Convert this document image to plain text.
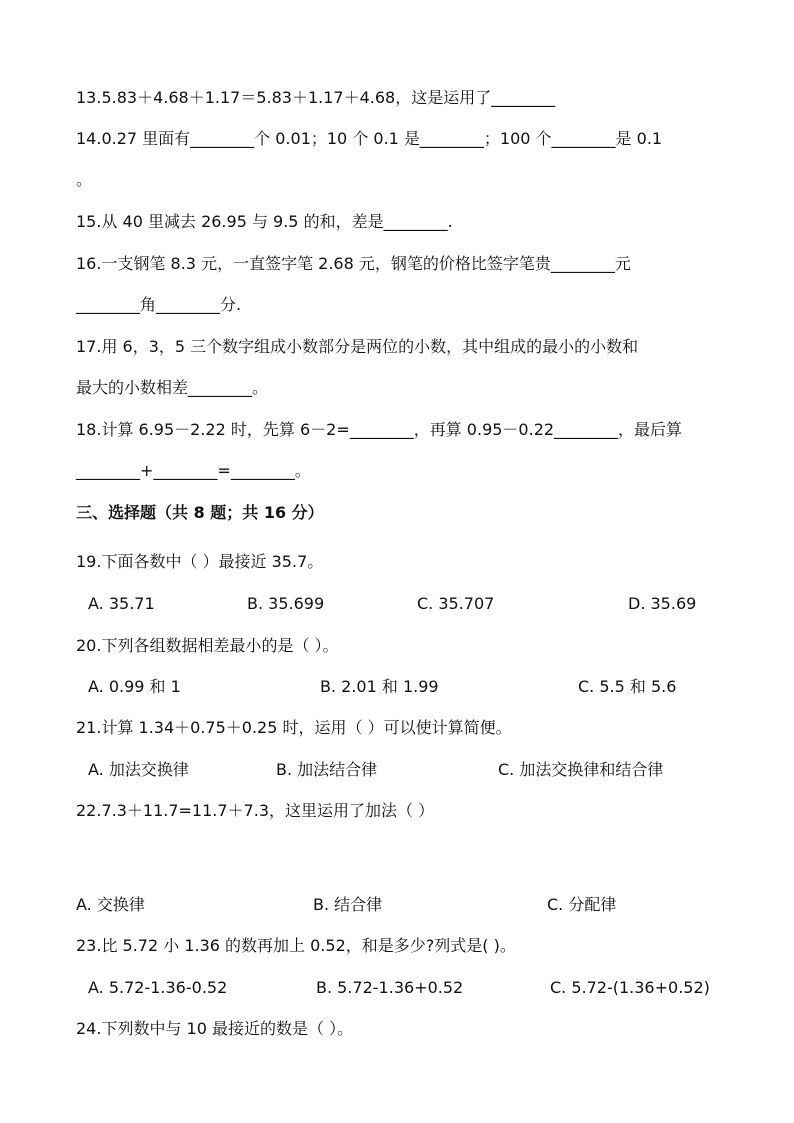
13.5.83＋4.68＋1.17＝5.83＋1.17＋4.68，这是运用了________
14.0.27 里面有________个 0.01；10 个 0.1 是________；100 个________是 0.1
。
15.从 40 里减去 26.95 与 9.5 的和，差是________.
16.一支钢笔 8.3 元，一直签字笔 2.68 元，钢笔的价格比签字笔贵________元
________角________分.
17.用 6，3，5 三个数字组成小数部分是两位的小数，其中组成的最小的小数和
最大的小数相差________。
18.计算 6.95－2.22 时，先算 6－2=________，再算 0.95－0.22________，最后算
________+________=________。
三、选择题（共 8 题；共 16 分）
19.下面各数中（ ）最接近 35.7。
A. 35.71	B. 35.699	C. 35.707	D. 35.69
20.下列各组数据相差最小的是（ ）。
A. 0.99 和 1	B. 2.01 和 1.99	C. 5.5 和 5.6
21.计算 1.34＋0.75＋0.25 时，运用（ ）可以使计算简便。
A. 加法交换律	B. 加法结合律	C. 加法交换律和结合律
22.7.3＋11.7=11.7＋7.3，这里运用了加法（ ）
A. 交换律	B. 结合律	C. 分配律
23.比 5.72 小 1.36 的数再加上 0.52，和是多少?列式是( )。
A. 5.72-1.36-0.52	B. 5.72-1.36+0.52	C. 5.72-(1.36+0.52)
24.下列数中与 10 最接近的数是（ ）。
